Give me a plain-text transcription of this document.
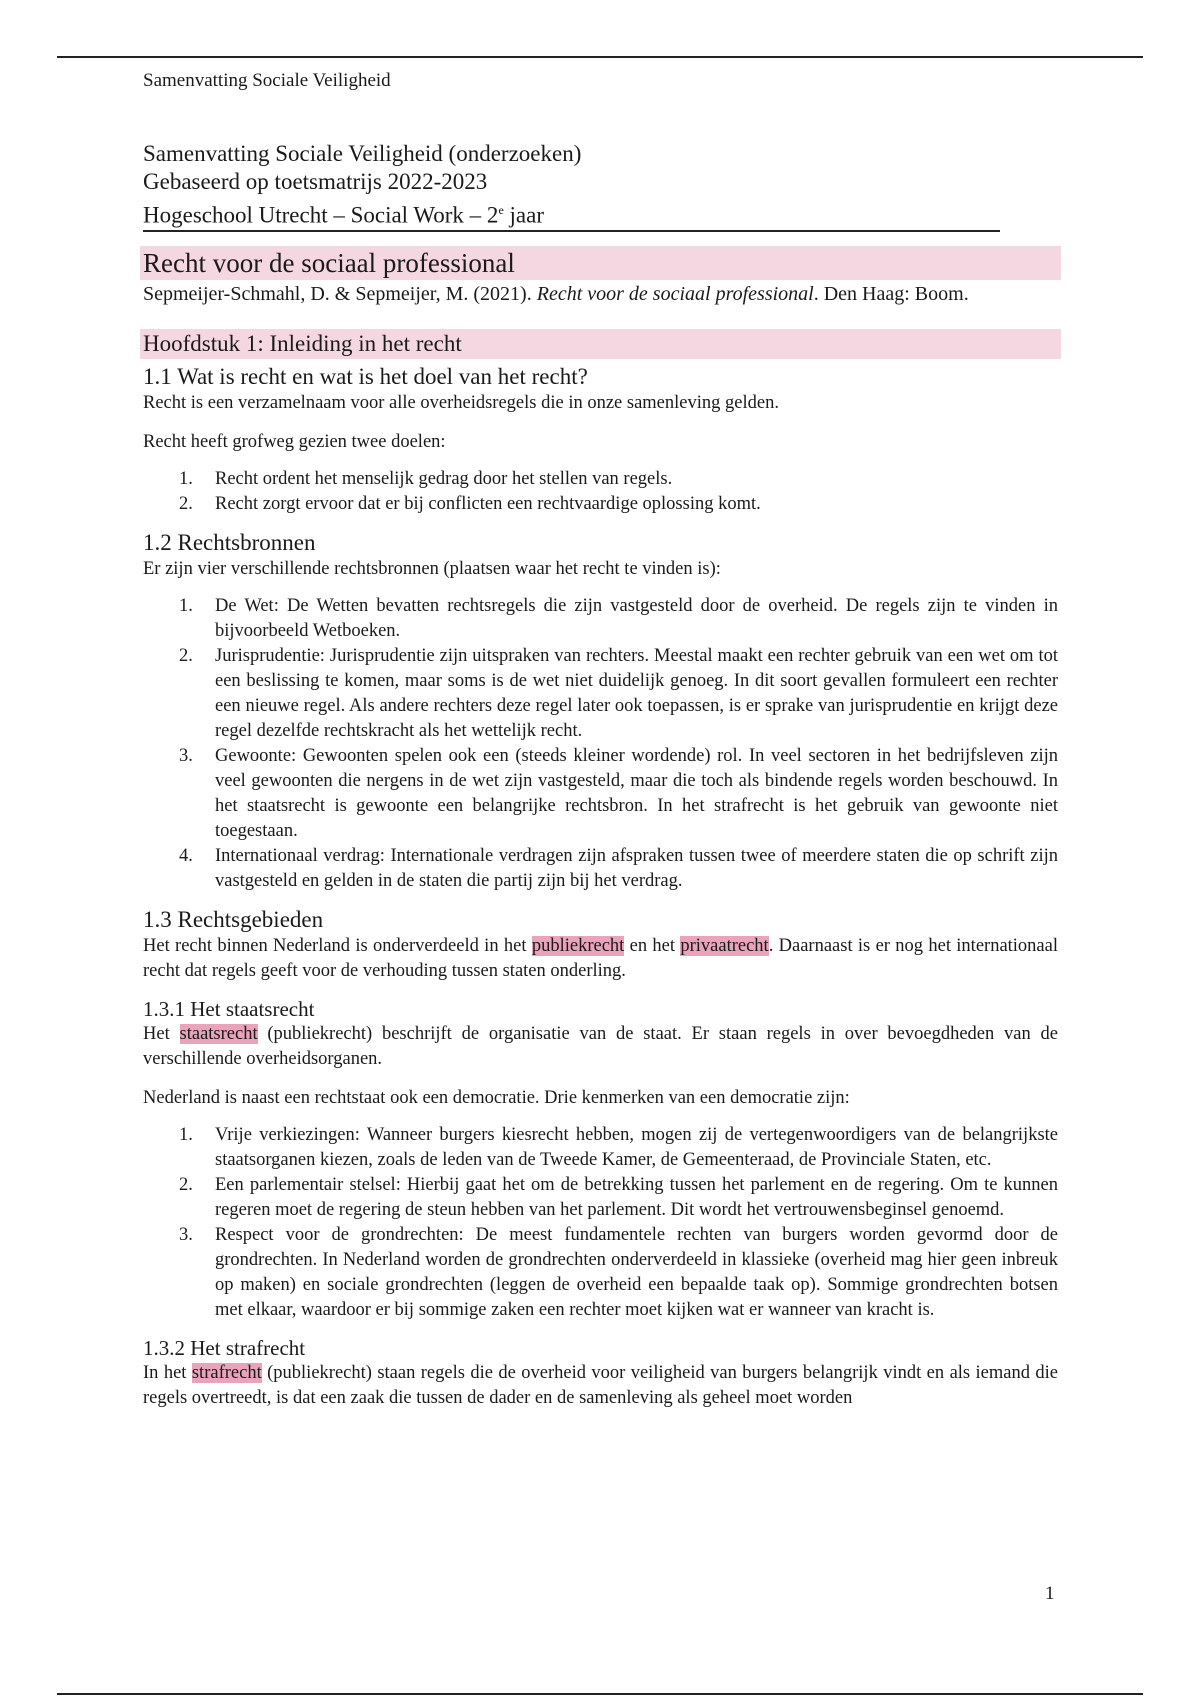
Samenvatting Sociale Veiligheid
Samenvatting Sociale Veiligheid (onderzoeken)
Gebaseerd op toetsmatrijs 2022-2023
Hogeschool Utrecht – Social Work – 2e jaar
Recht voor de sociaal professional
Sepmeijer-Schmahl, D. & Sepmeijer, M. (2021). Recht voor de sociaal professional. Den Haag: Boom.
Hoofdstuk 1: Inleiding in het recht
1.1 Wat is recht en wat is het doel van het recht?

Recht is een verzamelnaam voor alle overheidsregels die in onze samenleving gelden.

Recht heeft grofweg gezien twee doelen:

1. Recht ordent het menselijk gedrag door het stellen van regels.
2. Recht zorgt ervoor dat er bij conflicten een rechtvaardige oplossing komt.
1.2 Rechtsbronnen

Er zijn vier verschillende rechtsbronnen (plaatsen waar het recht te vinden is):

1. De Wet: De Wetten bevatten rechtsregels die zijn vastgesteld door de overheid. De regels zijn te vinden in bijvoorbeeld Wetboeken.
2. Jurisprudentie: Jurisprudentie zijn uitspraken van rechters. Meestal maakt een rechter gebruik van een wet om tot een beslissing te komen, maar soms is de wet niet duidelijk genoeg. In dit soort gevallen formuleert een rechter een nieuwe regel. Als andere rechters deze regel later ook toepassen, is er sprake van jurisprudentie en krijgt deze regel dezelfde rechtskracht als het wettelijk recht.
3. Gewoonte: Gewoonten spelen ook een (steeds kleiner wordende) rol. In veel sectoren in het bedrijfsleven zijn veel gewoonten die nergens in de wet zijn vastgesteld, maar die toch als bindende regels worden beschouwd. In het staatsrecht is gewoonte een belangrijke rechtsbron. In het strafrecht is het gebruik van gewoonte niet toegestaan.
4. Internationaal verdrag: Internationale verdragen zijn afspraken tussen twee of meerdere staten die op schrift zijn vastgesteld en gelden in de staten die partij zijn bij het verdrag.
1.3 Rechtsgebieden

Het recht binnen Nederland is onderverdeeld in het publiekrecht en het privaatrecht. Daarnaast is er nog het internationaal recht dat regels geeft voor de verhouding tussen staten onderling.

1.3.1 Het staatsrecht

Het staatsrecht (publiekrecht) beschrijft de organisatie van de staat. Er staan regels in over bevoegdheden van de verschillende overheidsorganen.

Nederland is naast een rechtstaat ook een democratie. Drie kenmerken van een democratie zijn:

1. Vrije verkiezingen: Wanneer burgers kiesrecht hebben, mogen zij de vertegenwoordigers van de belangrijkste staatsorganen kiezen, zoals de leden van de Tweede Kamer, de Gemeenteraad, de Provinciale Staten, etc.
2. Een parlementair stelsel: Hierbij gaat het om de betrekking tussen het parlement en de regering. Om te kunnen regeren moet de regering de steun hebben van het parlement. Dit wordt het vertrouwensbeginsel genoemd.
3. Respect voor de grondrechten: De meest fundamentele rechten van burgers worden gevormd door de grondrechten. In Nederland worden de grondrechten onderverdeeld in klassieke (overheid mag hier geen inbreuk op maken) en sociale grondrechten (leggen de overheid een bepaalde taak op). Sommige grondrechten botsen met elkaar, waardoor er bij sommige zaken een rechter moet kijken wat er wanneer van kracht is.
1.3.2 Het strafrecht

In het strafrecht (publiekrecht) staan regels die de overheid voor veiligheid van burgers belangrijk vindt en als iemand die regels overtreedt, is dat een zaak die tussen de dader en de samenleving als geheel moet worden

1
